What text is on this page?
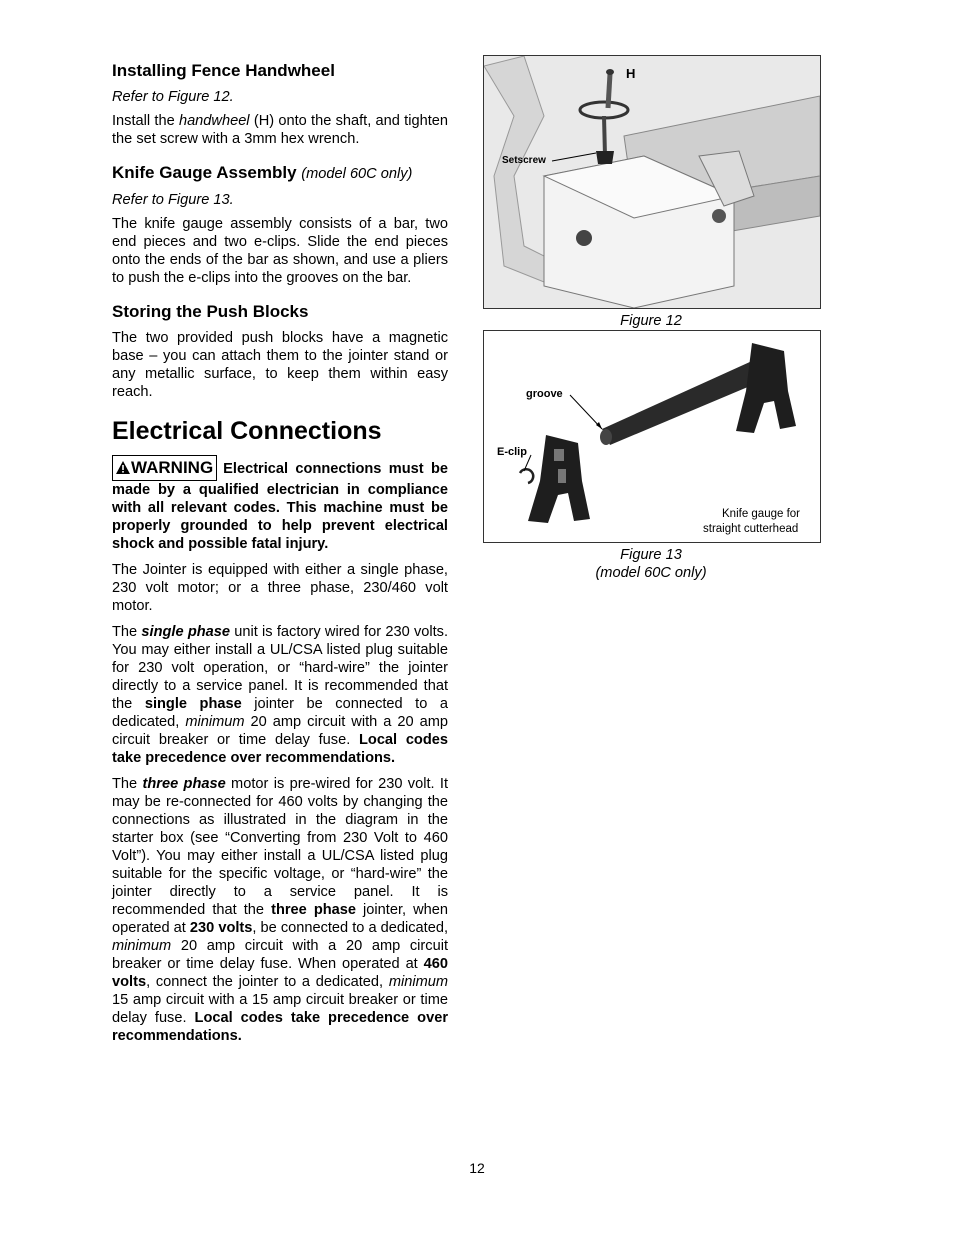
Installing Fence Handwheel

Refer to Figure 12.

Install the handwheel (H) onto the shaft, and tighten the set screw with a 3mm hex wrench.

Knife Gauge Assembly (model 60C only)

Refer to Figure 13.

The knife gauge assembly consists of a bar, two end pieces and two e-clips. Slide the end pieces onto the ends of the bar as shown, and use a pliers to push the e-clips into the grooves on the bar.

Storing the Push Blocks

The two provided push blocks have a magnetic base – you can attach them to the jointer stand or any metallic surface, to keep them within easy reach.

Electrical Connections

WARNING Electrical connections must be made by a qualified electrician in compliance with all relevant codes. This machine must be properly grounded to help prevent electrical shock and possible fatal injury.

The Jointer is equipped with either a single phase, 230 volt motor; or a three phase, 230/460 volt motor.

The single phase unit is factory wired for 230 volts. You may either install a UL/CSA listed plug suitable for 230 volt operation, or “hard-wire” the jointer directly to a service panel. It is recommended that the single phase jointer be connected to a dedicated, minimum 20 amp circuit with a 20 amp circuit breaker or time delay fuse. Local codes take precedence over recommendations.

The three phase motor is pre-wired for 230 volt. It may be re-connected for 460 volts by changing the connections as illustrated in the diagram in the starter box (see “Converting from 230 Volt to 460 Volt”). You may either install a UL/CSA listed plug suitable for the specific voltage, or “hard-wire” the jointer directly to a service panel. It is recommended that the three phase jointer, when operated at 230 volts, be connected to a dedicated, minimum 20 amp circuit with a 20 amp circuit breaker or time delay fuse. When operated at 460 volts, connect the jointer to a dedicated, minimum 15 amp circuit with a 15 amp circuit breaker or time delay fuse. Local codes take precedence over recommendations.

Setscrew
H
Figure 12
groove
E-clip
Knife gauge for
straight cutterhead
Figure 13
(model 60C only)
12
